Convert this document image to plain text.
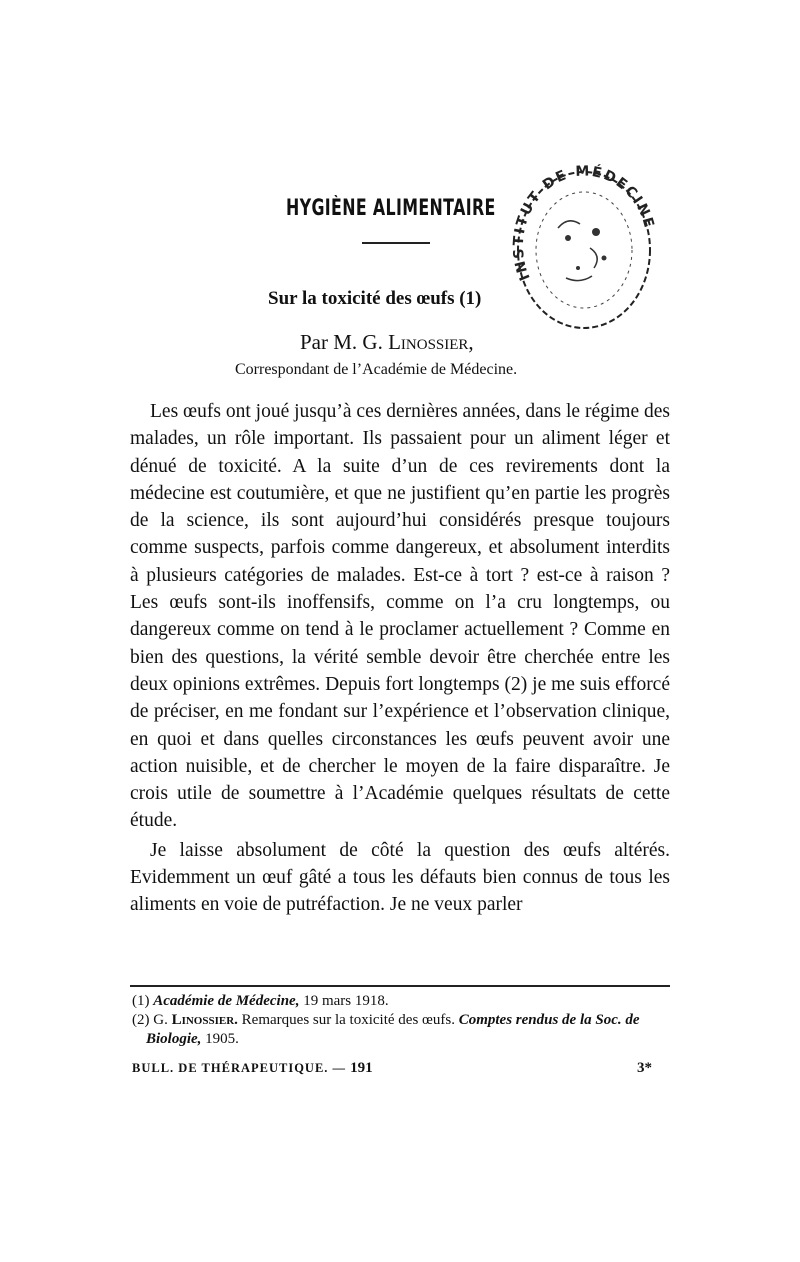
HYGIÈNE ALIMENTAIRE
INSTITUT DE MÉDECINE
Sur la toxicité des œufs (1)
Par M. G. Linossier,
Correspondant de l’Académie de Médecine.

Les œufs ont joué jusqu’à ces dernières années, dans le régime des malades, un rôle important. Ils passaient pour un aliment léger et dénué de toxicité. A la suite d’un de ces revirements dont la médecine est coutumière, et que ne justifient qu’en partie les progrès de la science, ils sont aujourd’hui considérés presque toujours comme suspects, parfois comme dangereux, et absolument interdits à plusieurs catégories de malades. Est-ce à tort ? est-ce à raison ? Les œufs sont-ils inoffensifs, comme on l’a cru longtemps, ou dangereux comme on tend à le proclamer actuellement ? Comme en bien des questions, la vérité semble devoir être cherchée entre les deux opinions extrêmes. Depuis fort longtemps (2) je me suis efforcé de préciser, en me fondant sur l’expérience et l’observation clinique, en quoi et dans quelles circonstances les œufs peuvent avoir une action nuisible, et de chercher le moyen de la faire disparaître. Je crois utile de soumettre à l’Académie quelques résultats de cette étude.

Je laisse absolument de côté la question des œufs altérés. Evidemment un œuf gâté a tous les défauts bien connus de tous les aliments en voie de putréfaction. Je ne veux parler

(1) Académie de Médecine, 19 mars 1918.
(2) G. Linossier. Remarques sur la toxicité des œufs. Comptes rendus de la Soc. de Biologie, 1905.
BULL. DE THÉRAPEUTIQUE. — 191	3*
